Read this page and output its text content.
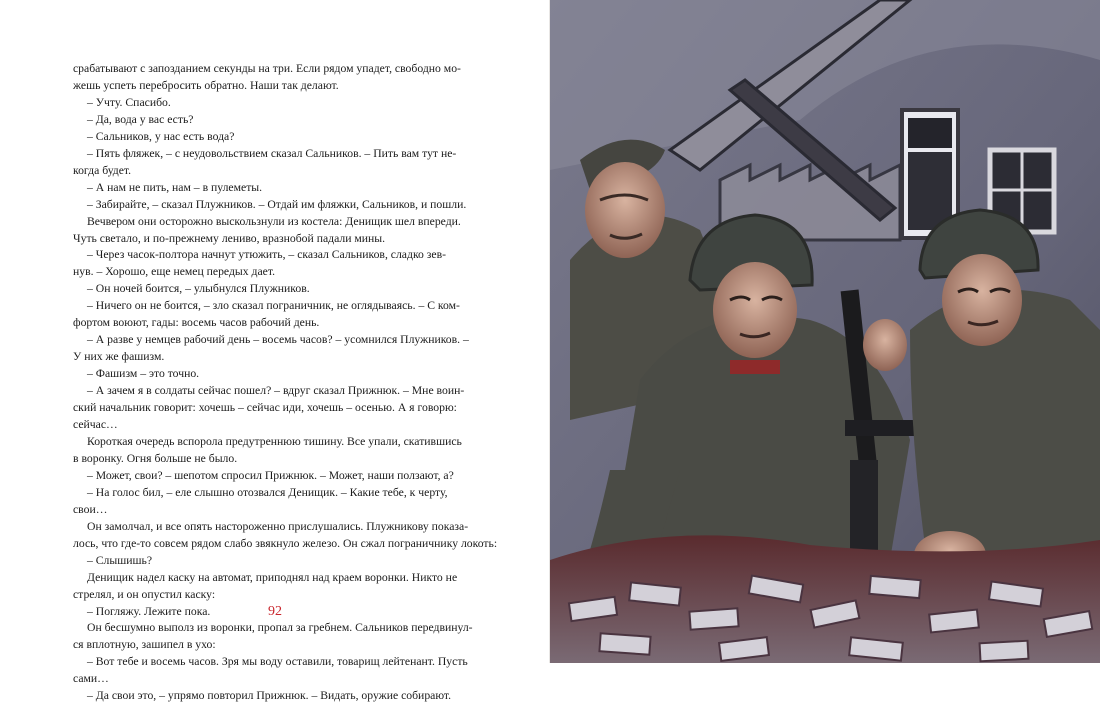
срабатывают с запозданием секунды на три. Если рядом упадет, свободно мо-

жешь успеть перебросить обратно. Наши так делают.

– Учту. Спасибо.

– Да, вода у вас есть?

– Сальников, у нас есть вода?

– Пять фляжек, – с неудовольствием сказал Сальников. – Пить вам тут не-

когда будет.

– А нам не пить, нам – в пулеметы.

– Забирайте, – сказал Плужников. – Отдай им фляжки, Сальников, и пошли.

Вечвером они осторожно выскользнули из костела: Денищик шел впереди.

Чуть светало, и по-прежнему лениво, вразнобой падали мины.

– Через часок-полтора начнут утюжить, – сказал Сальников, сладко зев-

нув. – Хорошо, еще немец передых дает.

– Он ночей боится, – улыбнулся Плужников.

– Ничего он не боится, – зло сказал пограничник, не оглядываясь. – С ком-

фортом воюют, гады: восемь часов рабочий день.

– А разве у немцев рабочий день – восемь часов? – усомнился Плужников. –

У них же фашизм.

– Фашизм – это точно.

– А зачем я в солдаты сейчас пошел? – вдруг сказал Прижнюк. – Мне воин-

ский начальник говорит: хочешь – сейчас иди, хочешь – осенью. А я говорю:

сейчас…

Короткая очередь вспорола предутреннюю тишину. Все упали, скатившись

в воронку. Огня больше не было.

– Может, свои? – шепотом спросил Прижнюк. – Может, наши ползают, а?

– На голос бил, – еле слышно отозвался Денищик. – Какие тебе, к черту,

свои…

Он замолчал, и все опять настороженно прислушались. Плужникову показа-

лось, что где-то совсем рядом слабо звякнуло железо. Он сжал пограничнику локоть:

– Слышишь?

Денищик надел каску на автомат, приподнял над краем воронки. Никто не

стрелял, и он опустил каску:

– Погляжу. Лежите пока.

Он бесшумно выполз из воронки, пропал за гребнем. Сальников передвинул-

ся вплотную, зашипел в ухо:

– Вот тебе и восемь часов. Зря мы воду оставили, товарищ лейтенант. Пусть

сами…

– Да свои это, – упрямо повторил Прижнюк. – Видать, оружие собирают.

92
